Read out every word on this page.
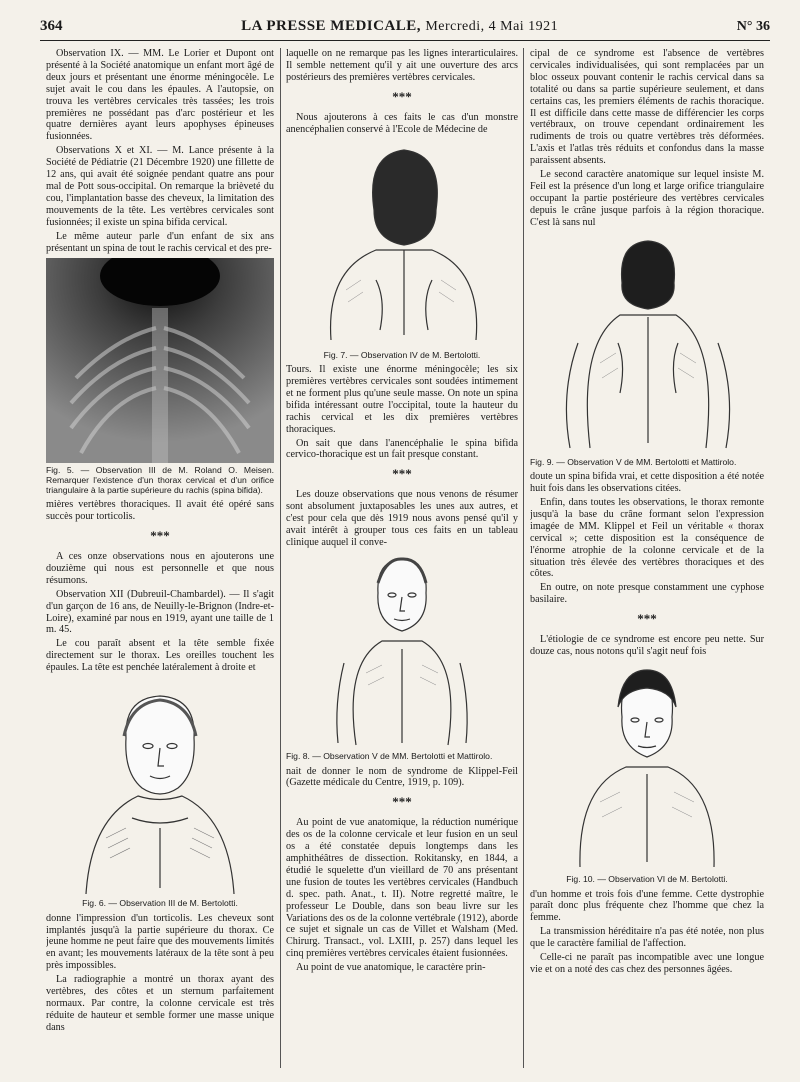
364	LA PRESSE MEDICALE, Mercredi, 4 Mai 1921	N° 36

Observation IX. — MM. Le Lorier et Dupont ont présenté à la Société anatomique un enfant mort âgé de deux jours et présentant une énorme méningocèle. Le sujet avait le cou dans les épaules. A l'autopsie, on trouva les vertèbres cervicales très tassées; les trois premières ne possédant pas d'arc postérieur et les quatre dernières ayant leurs apophyses épineuses fusionnées.

Observations X et XI. — M. Lance présente à la Société de Pédiatrie (21 Décembre 1920) une fillette de 12 ans, qui avait été soignée pendant quatre ans pour mal de Pott sous-occipital. On remarque la brièveté du cou, l'implantation basse des cheveux, la limitation des mouvements de la tête. Les vertèbres cervicales sont fusionnées; il existe un spina bifida cervical.

Le même auteur parle d'un enfant de six ans présentant un spina de tout le rachis cervical et des pre-

Fig. 5. — Observation III de M. Roland O. Meisen. Remarquer l'existence d'un thorax cervical et d'un orifice triangulaire à la partie supérieure du rachis (spina bifida).

mières vertèbres thoraciques. Il avait été opéré sans succès pour torticolis.

***

A ces onze observations nous en ajouterons une douzième qui nous est personnelle et que nous résumons.

Observation XII (Dubreuil-Chambardel). — Il s'agit d'un garçon de 16 ans, de Neuilly-le-Brignon (Indre-et-Loire), examiné par nous en 1919, ayant une taille de 1 m. 45.

Le cou paraît absent et la tête semble fixée directement sur le thorax. Les oreilles touchent les épaules. La tête est penchée latéralement à droite et

Fig. 6. — Observation III de M. Bertolotti.

donne l'impression d'un torticolis. Les cheveux sont implantés jusqu'à la partie supérieure du thorax. Ce jeune homme ne peut faire que des mouvements limités en avant; les mouvements latéraux de la tête sont à peu près impossibles.

La radiographie a montré un thorax ayant des vertèbres, des côtes et un sternum parfaitement normaux. Par contre, la colonne cervicale est très réduite de hauteur et semble former une masse unique dans

laquelle on ne remarque pas les lignes interarticulaires. Il semble nettement qu'il y ait une ouverture des arcs postérieurs des premières vertèbres cervicales.

***

Nous ajouterons à ces faits le cas d'un monstre anencéphalien conservé à l'Ecole de Médecine de

Fig. 7. — Observation IV de M. Bertolotti.

Tours. Il existe une énorme méningocèle; les six premières vertèbres cervicales sont soudées intimement et ne forment plus qu'une seule masse. On note un spina bifida intéressant outre l'occipital, toute la hauteur du rachis cervical et les dix premières vertèbres thoraciques.

On sait que dans l'anencéphalie le spina bifida cervico-thoracique est un fait presque constant.

***

Les douze observations que nous venons de résumer sont absolument juxtaposables les unes aux autres, et c'est pour cela que dès 1919 nous avons pensé qu'il y avait intérêt à grouper tous ces faits en un tableau clinique auquel il conve-

Fig. 8. — Observation V de MM. Bertolotti et Mattirolo.

nait de donner le nom de syndrome de Klippel-Feil (Gazette médicale du Centre, 1919, p. 109).

***

Au point de vue anatomique, la réduction numérique des os de la colonne cervicale et leur fusion en un seul os a été constatée depuis longtemps dans les amphithéâtres de dissection. Rokitansky, en 1844, a étudié le squelette d'un vieillard de 70 ans présentant une fusion de toutes les vertèbres cervicales (Handbuch d. spec. path. Anat., t. II). Notre regretté maître, le professeur Le Double, dans son beau livre sur les Variations des os de la colonne vertébrale (1912), aborde ce sujet et signale un cas de Villet et Walsham (Med. Chirurg. Transact., vol. LXIII, p. 257) dans lequel les cinq premières vertèbres cervicales étaient fusionnées.

Au point de vue anatomique, le caractère prin-

cipal de ce syndrome est l'absence de vertèbres cervicales individualisées, qui sont remplacées par un bloc osseux pouvant contenir le rachis cervical dans sa totalité ou dans sa partie supérieure seulement, et dans certains cas, les premiers éléments de rachis thoracique. Il est difficile dans cette masse de différencier les corps vertébraux, on trouve cependant ordinairement les rudiments de trois ou quatre vertèbres très déformées. L'axis et l'atlas très réduits et confondus dans la masse paraissent absents.

Le second caractère anatomique sur lequel insiste M. Feil est la présence d'un long et large orifice triangulaire occupant la partie postérieure des vertèbres cervicales depuis le crâne jusque parfois à la région thoracique. C'est là sans nul

Fig. 9. — Observation V de MM. Bertolotti et Mattirolo.

doute un spina bifida vrai, et cette disposition a été notée huit fois dans les observations citées.

Enfin, dans toutes les observations, le thorax remonte jusqu'à la base du crâne formant selon l'expression imagée de MM. Klippel et Feil un véritable « thorax cervical »; cette disposition est la conséquence de l'énorme atrophie de la colonne cervicale et de la situation très élevée des vertèbres thoraciques et des côtes.

En outre, on note presque constamment une cyphose basilaire.

***

L'étiologie de ce syndrome est encore peu nette. Sur douze cas, nous notons qu'il s'agit neuf fois

Fig. 10. — Observation VI de M. Bertolotti.

d'un homme et trois fois d'une femme. Cette dystrophie paraît donc plus fréquente chez l'homme que chez la femme.

La transmission héréditaire n'a pas été notée, non plus que le caractère familial de l'affection.

Celle-ci ne paraît pas incompatible avec une longue vie et on a noté des cas chez des personnes âgées.
